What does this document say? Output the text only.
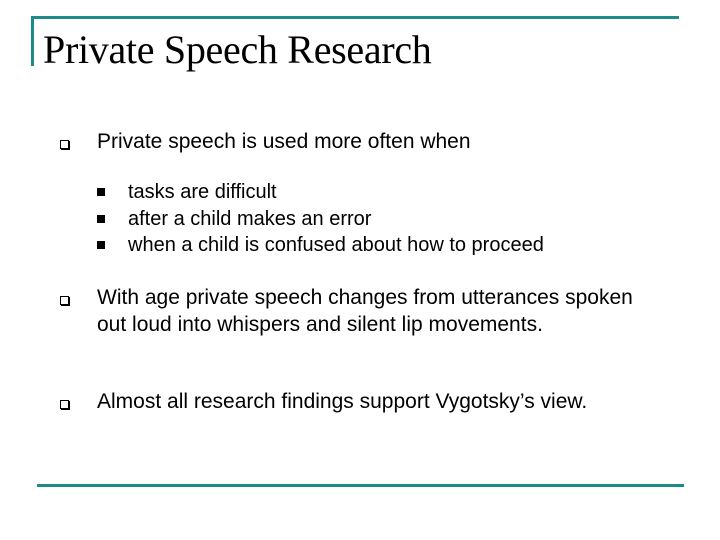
Private Speech Research
Private speech is used more often when
tasks are difficult
after a child makes an error
when a child is confused about how to proceed
With age private speech changes from utterances spoken out loud into whispers and silent lip movements.
Almost all research findings support Vygotsky’s view.
